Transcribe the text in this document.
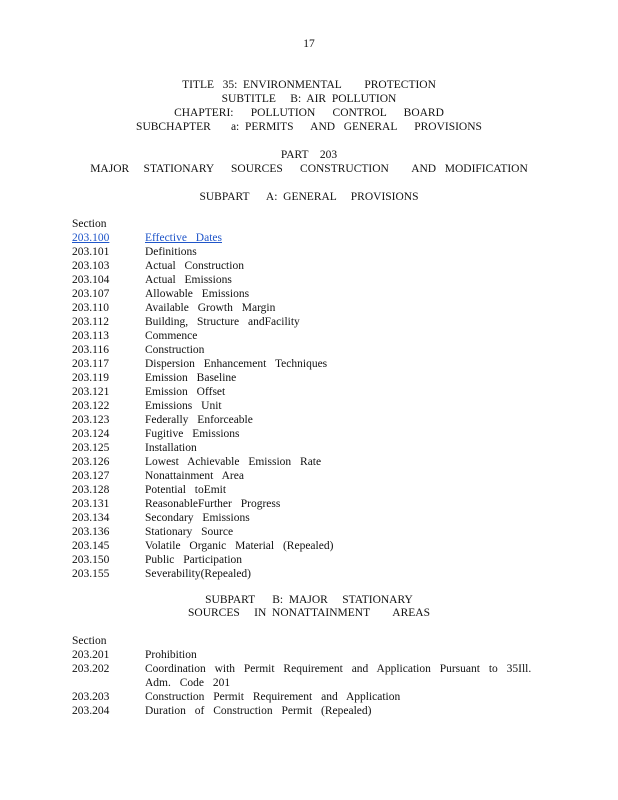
17
TITLE   35:  ENVIRONMENTAL        PROTECTION
SUBTITLE     B:  AIR  POLLUTION
CHAPTERI:      POLLUTION      CONTROL      BOARD
SUBCHAPTER       a:  PERMITS      AND   GENERAL      PROVISIONS
PART    203
MAJOR     STATIONARY      SOURCES      CONSTRUCTION        AND   MODIFICATION
SUBPART      A:  GENERAL     PROVISIONS
Section
203.100	Effective Dates
203.101	Definitions
203.103	Actual Construction
203.104	Actual Emissions
203.107	Allowable Emissions
203.110	Available Growth Margin
203.112	Building, Structure andFacility
203.113	Commence
203.116	Construction
203.117	Dispersion Enhancement Techniques
203.119	Emission Baseline
203.121	Emission Offset
203.122	Emissions Unit
203.123	Federally Enforceable
203.124	Fugitive Emissions
203.125	Installation
203.126	Lowest Achievable Emission Rate
203.127	Nonattainment Area
203.128	Potential toEmit
203.131	ReasonableFurther Progress
203.134	Secondary Emissions
203.136	Stationary Source
203.145	Volatile Organic Material (Repealed)
203.150	Public Participation
203.155	Severability(Repealed)
SUBPART      B:  MAJOR     STATIONARY
SOURCES     IN  NONATTAINMENT        AREAS
Section
203.201	Prohibition
203.202	Coordination with Permit Requirement and Application Pursuant to 35Ill. Adm. Code 201
203.203	Construction Permit Requirement and Application
203.204	Duration of Construction Permit (Repealed)
